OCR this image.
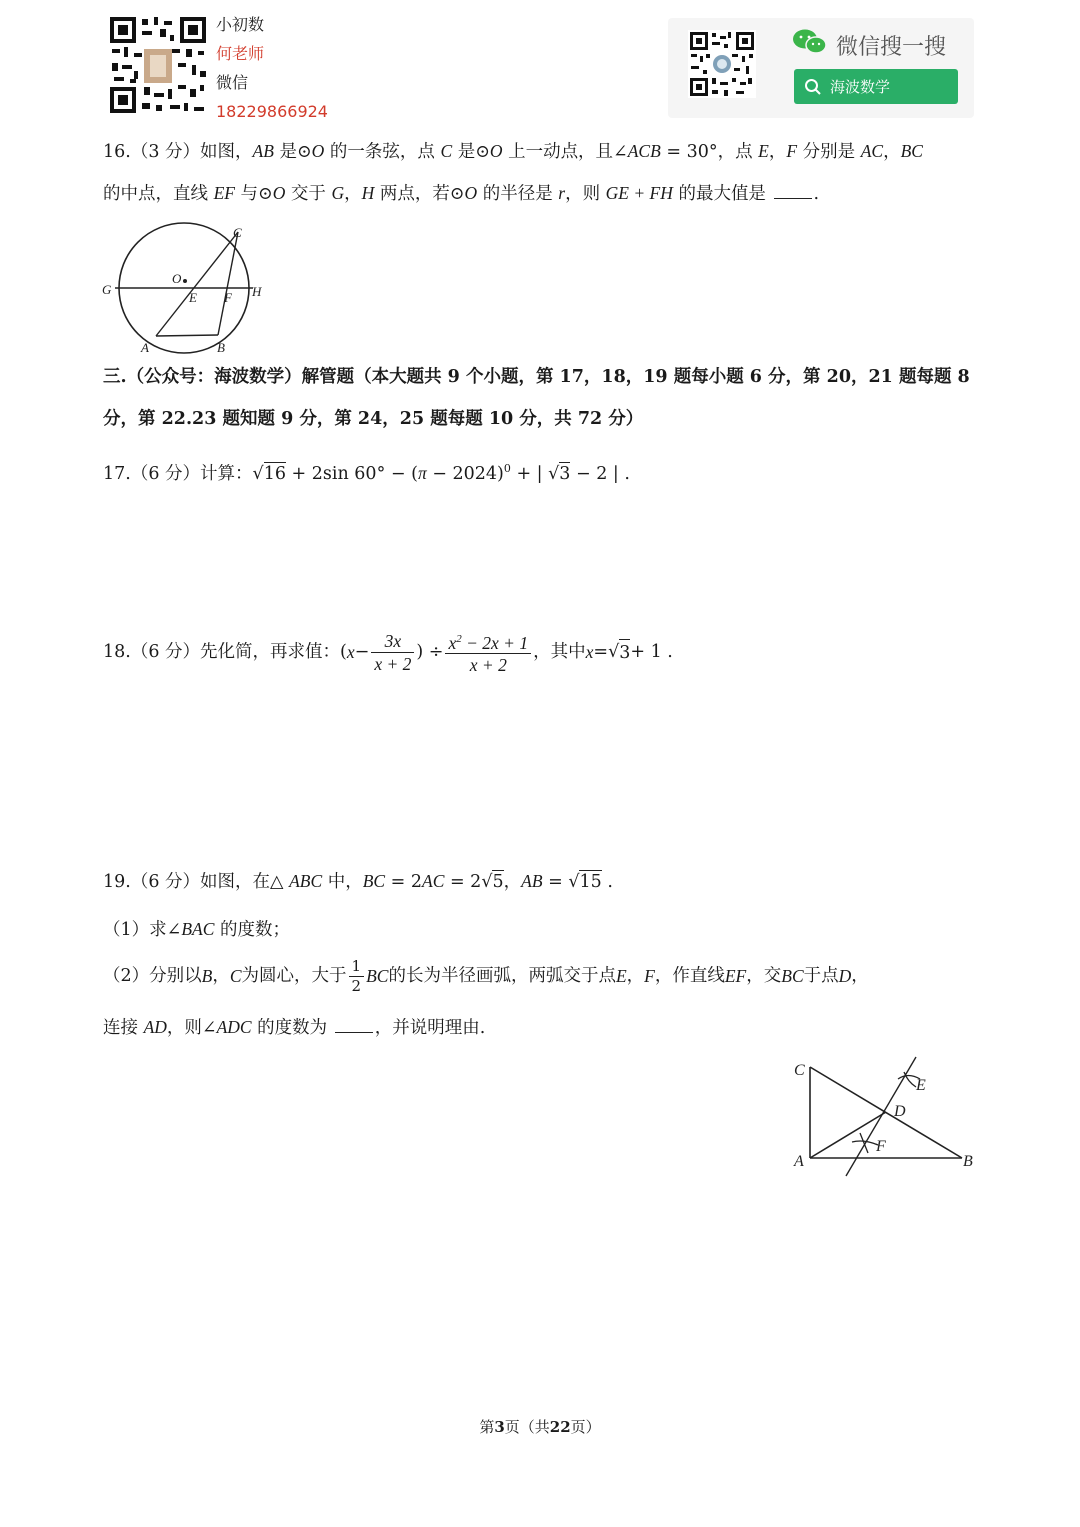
小初数
何老师
微信
18229866924
微信搜一搜
海波数学
16.（3 分）如图，AB 是⊙O 的一条弦，点 C 是⊙O 上一动点，且∠ACB = 30°，点 E，F 分别是 AC，BC
的中点，直线 EF 与⊙O 交于 G，H 两点，若⊙O 的半径是 r，则 GE + FH 的最大值是	.
C
O
G
E F H
A	B
三.（公众号：海波数学）解管题（本大题共 9 个小题，第 17，18，19 题每小题 6 分，第 20，21 题每题 8
分，第 22.23 题知题 9 分，第 24，25 题每题 10 分，共 72 分）
17.（6 分）计算：√16 + 2sin $60^\circ - (\pi - 2024)^0$ + | √3 − 2 | .
18.（6 分）先化简，再求值： ( $x - \frac{3x}{x + 2}$ ) ÷ $\frac{x^2 - 2x + 1}{x + 2}$ ，其中 x = √ 3 + 1 .
19.（6 分）如图，在△ ABC 中，BC = 2AC = 2√5，AB = √15 .
（1）求∠BAC 的度数；
（2）分别以 B ， C 为圆心，大于 $\frac{1}{2}$ BC 的长为半径画弧，两弧交于点 E ， F ，作直线 EF ，交 BC 于点 D ，
连接 AD，则∠ADC 的度数为	，并说明理由.
C
E
D
F
A	B
第3页（共22页）
